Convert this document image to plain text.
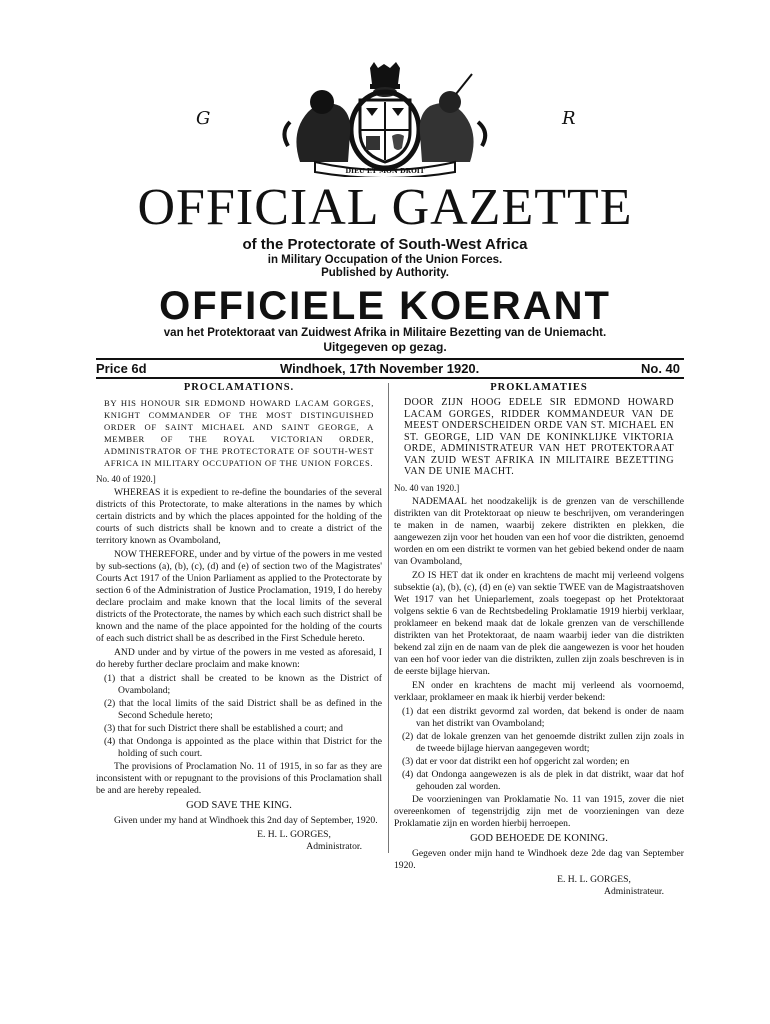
DIEU ET MON DROIT
G	R
OFFICIAL GAZETTE
of the Protectorate of South-West Africa
in Military Occupation of the Union Forces.
Published by Authority.
OFFICIELE KOERANT
van het Protektoraat van Zuidwest Afrika in Militaire Bezetting van de Uniemacht.
Uitgegeven op gezag.
Price 6d	Windhoek, 17th November 1920.	No. 40
PROCLAMATIONS.
BY HIS HONOUR SIR EDMOND HOWARD LACAM GORGES, KNIGHT COMMANDER OF THE MOST DISTINGUISHED ORDER OF SAINT MICHAEL AND SAINT GEORGE, A MEMBER OF THE ROYAL VICTORIAN ORDER, ADMINISTRATOR OF THE PROTECTORATE OF SOUTH-WEST AFRICA IN MILITARY OCCUPATION OF THE UNION FORCES.
No. 40 of 1920.]

WHEREAS it is expedient to re-define the boundaries of the several districts of this Protectorate, to make alterations in the names by which certain districts and by which the places appointed for the holding of the courts of such districts shall be known and to create a district of the territory known as Ovamboland,

NOW THEREFORE, under and by virtue of the powers in me vested by sub-sections (a), (b), (c), (d) and (e) of section two of the Magistrates' Courts Act 1917 of the Union Parliament as applied to the Protectorate by section 6 of the Administration of Justice Proclamation, 1919, I do hereby declare proclaim and make known that the local limits of the several districts of the Protectorate, the names by which each such district shall be known and the name of the place appointed for the holding of the courts of each such district shall be as described in the First Schedule hereto.

AND under and by virtue of the powers in me vested as aforesaid, I do hereby further declare proclaim and make known:

(1) that a district shall be created to be known as the District of Ovamboland;

(2) that the local limits of the said District shall be as defined in the Second Schedule hereto;

(3) that for such District there shall be established a court; and

(4) that Ondonga is appointed as the place within that District for the holding of such court.

The provisions of Proclamation No. 11 of 1915, in so far as they are inconsistent with or repugnant to the provisions of this Proclamation shall be and are hereby repealed.

GOD SAVE THE KING.

Given under my hand at Windhoek this 2nd day of September, 1920.

E. H. L. GORGES,

Administrator.

PROKLAMATIES
DOOR ZIJN HOOG EDELE SIR EDMOND HOWARD LACAM GORGES, RIDDER KOMMANDEUR VAN DE MEEST ONDERSCHEIDEN ORDE VAN ST. MICHAEL EN ST. GEORGE, LID VAN DE KONINKLIJKE VIKTORIA ORDE, ADMINISTRATEUR VAN HET PROTEKTORAAT VAN ZUID WEST AFRIKA IN MILITAIRE BEZETTING VAN DE UNIE MACHT.
No. 40 van 1920.]

NADEMAAL het noodzakelijk is de grenzen van de verschillende distrikten van dit Protektoraat op nieuw te beschrijven, om veranderingen te maken in de namen, waarbij zekere distrikten en plekken, die aangewezen zijn voor het houden van een hof voor die distrikten, genoemd worden en om een distrikt te vormen van het gebied bekend onder de naam van Ovamboland,

ZO IS HET dat ik onder en krachtens de macht mij verleend volgens subsektie (a), (b), (c), (d) en (e) van sektie TWEE van de Magistraatshoven Wet 1917 van het Unieparlement, zoals toegepast op het Protektoraat volgens sektie 6 van de Rechtsbedeling Proklamatie 1919 hierbij verklaar, proklameer en bekend maak dat de lokale grenzen van de verschillende distrikten van het Protektoraat, de naam waarbij ieder van die distrikten bekend zal zijn en de naam van de plek die aangewezen is voor het houden van een hof voor ieder van die distrikten, zullen zijn zoals beschreven is in de eerste bijlage hiervan.

EN onder en krachtens de macht mij verleend als voornoemd, verklaar, proklameer en maak ik hierbij verder bekend:

(1) dat een distrikt gevormd zal worden, dat bekend is onder de naam van het distrikt van Ovamboland;

(2) dat de lokale grenzen van het genoemde distrikt zullen zijn zoals in de tweede bijlage hiervan aangegeven wordt;

(3) dat er voor dat distrikt een hof opgericht zal worden; en

(4) dat Ondonga aangewezen is als de plek in dat distrikt, waar dat hof gehouden zal worden.

De voorzieningen van Proklamatie No. 11 van 1915, zover die niet overeenkomen of tegenstrijdig zijn met de voorzieningen van deze Proklamatie zijn en worden hierbij herroepen.

GOD BEHOEDE DE KONING.

Gegeven onder mijn hand te Windhoek deze 2de dag van September 1920.

E. H. L. GORGES,

Administrateur.
